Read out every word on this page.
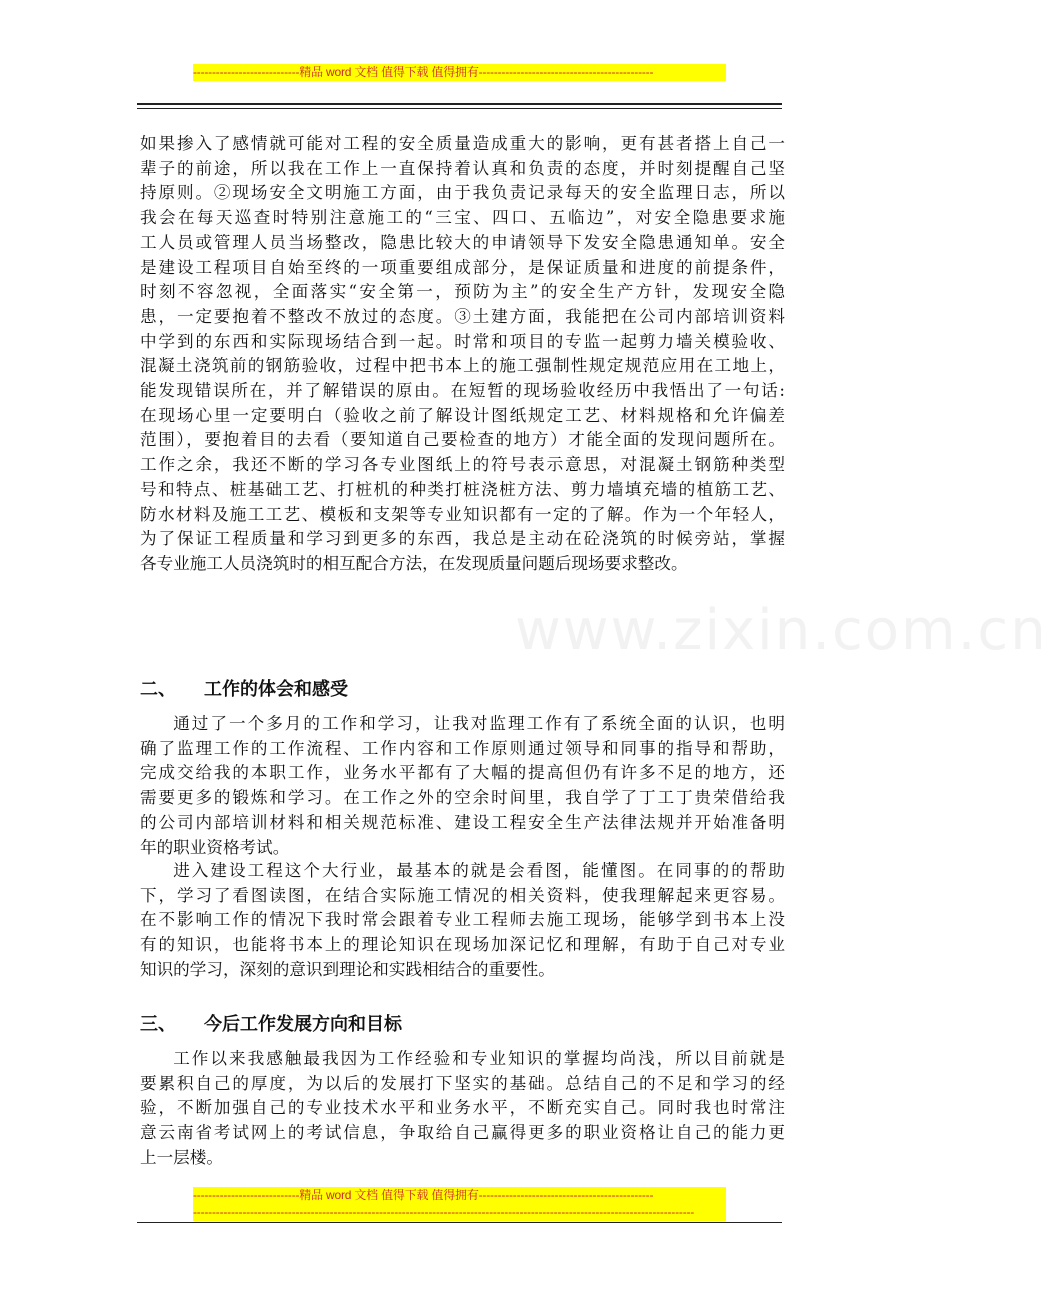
----------------------------精品 word 文档 值得下载 值得拥有----------------------------------------------
www.zixin.com.cn
如果掺入了感情就可能对工程的安全质量造成重大的影响，更有甚者搭上自己一
辈子的前途，所以我在工作上一直保持着认真和负责的态度，并时刻提醒自己坚
持原则。②现场安全文明施工方面，由于我负责记录每天的安全监理日志，所以
我会在每天巡查时特别注意施工的“三宝、四口、五临边”，对安全隐患要求施
工人员或管理人员当场整改，隐患比较大的申请领导下发安全隐患通知单。安全
是建设工程项目自始至终的一项重要组成部分，是保证质量和进度的前提条件，
时刻不容忽视，全面落实“安全第一，预防为主”的安全生产方针，发现安全隐
患，一定要抱着不整改不放过的态度。③土建方面，我能把在公司内部培训资料
中学到的东西和实际现场结合到一起。时常和项目的专监一起剪力墙关模验收、
混凝土浇筑前的钢筋验收，过程中把书本上的施工强制性规定规范应用在工地上，
能发现错误所在，并了解错误的原由。在短暂的现场验收经历中我悟出了一句话:
在现场心里一定要明白（验收之前了解设计图纸规定工艺、材料规格和允许偏差
范围），要抱着目的去看（要知道自己要检查的地方）才能全面的发现问题所在。
工作之余，我还不断的学习各专业图纸上的符号表示意思，对混凝土钢筋种类型
号和特点、桩基础工艺、打桩机的种类打桩浇桩方法、剪力墙填充墙的植筋工艺、
防水材料及施工工艺、模板和支架等专业知识都有一定的了解。作为一个年轻人，
为了保证工程质量和学习到更多的东西，我总是主动在砼浇筑的时候旁站，掌握
各专业施工人员浇筑时的相互配合方法，在发现质量问题后现场要求整改。
二、 工作的体会和感受
通过了一个多月的工作和学习，让我对监理工作有了系统全面的认识，也明
确了监理工作的工作流程、工作内容和工作原则通过领导和同事的指导和帮助，
完成交给我的本职工作，业务水平都有了大幅的提高但仍有许多不足的地方，还
需要更多的锻炼和学习。在工作之外的空余时间里，我自学了丁工丁贵荣借给我
的公司内部培训材料和相关规范标准、建设工程安全生产法律法规并开始准备明
年的职业资格考试。
进入建设工程这个大行业，最基本的就是会看图，能懂图。在同事的的帮助
下，学习了看图读图，在结合实际施工情况的相关资料，使我理解起来更容易。
在不影响工作的情况下我时常会跟着专业工程师去施工现场，能够学到书本上没
有的知识，也能将书本上的理论知识在现场加深记忆和理解，有助于自己对专业
知识的学习，深刻的意识到理论和实践相结合的重要性。
三、 今后工作发展方向和目标
工作以来我感触最我因为工作经验和专业知识的掌握均尚浅，所以目前就是
要累积自己的厚度，为以后的发展打下坚实的基础。总结自己的不足和学习的经
验，不断加强自己的专业技术水平和业务水平，不断充实自己。同时我也时常注
意云南省考试网上的考试信息，争取给自己赢得更多的职业资格让自己的能力更
上一层楼。
----------------------------精品 word 文档 值得下载 值得拥有----------------------------------------------
------------------------------------------------------------------------------------------------------------------------------------
